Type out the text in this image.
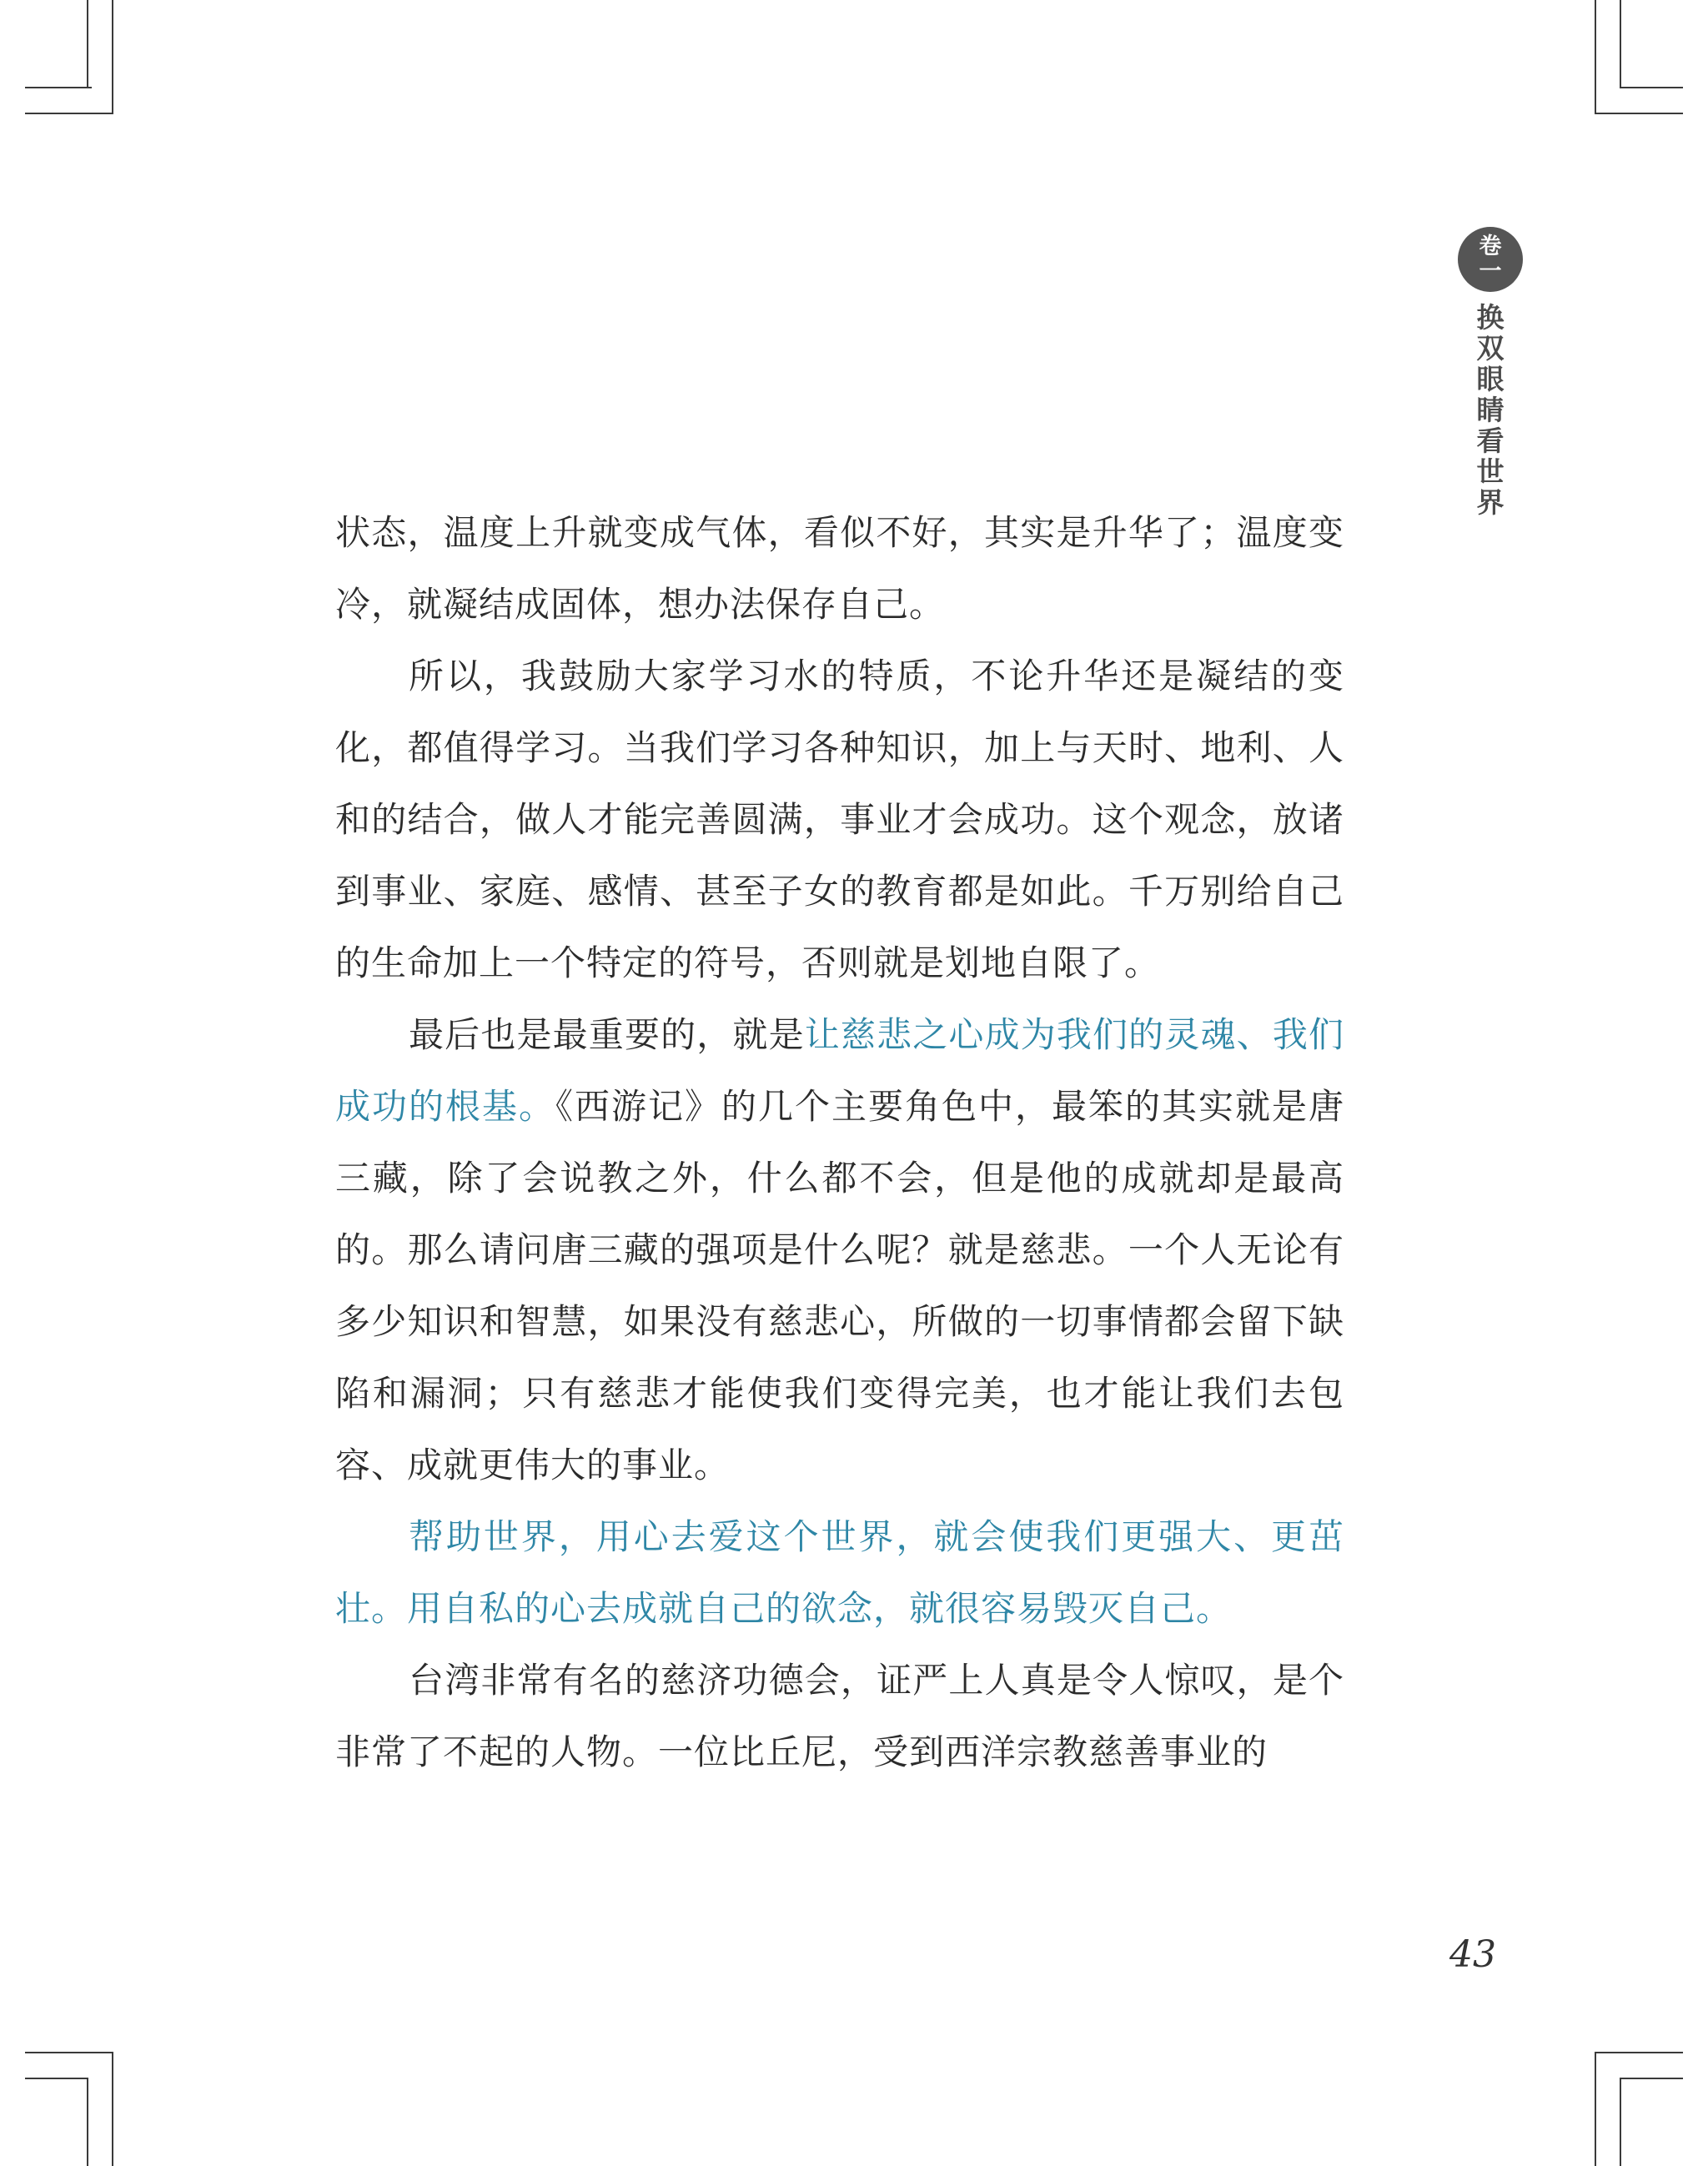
卷
一
换
双
眼
睛
看
世
界

状态，温度上升就变成气体，看似不好，其实是升华了；温度变冷，就凝结成固体，想办法保存自己。

所以，我鼓励大家学习水的特质，不论升华还是凝结的变化，都值得学习。当我们学习各种知识，加上与天时、地利、人和的结合，做人才能完善圆满，事业才会成功。这个观念，放诸到事业、家庭、感情、甚至子女的教育都是如此。千万别给自己的生命加上一个特定的符号，否则就是划地自限了。

最后也是最重要的，就是让慈悲之心成为我们的灵魂、我们成功的根基。《西游记》的几个主要角色中，最笨的其实就是唐三藏，除了会说教之外，什么都不会，但是他的成就却是最高的。那么请问唐三藏的强项是什么呢？就是慈悲。一个人无论有多少知识和智慧，如果没有慈悲心，所做的一切事情都会留下缺陷和漏洞；只有慈悲才能使我们变得完美，也才能让我们去包容、成就更伟大的事业。

帮助世界，用心去爱这个世界，就会使我们更强大、更茁壮。用自私的心去成就自己的欲念，就很容易毁灭自己。

台湾非常有名的慈济功德会，证严上人真是令人惊叹，是个非常了不起的人物。一位比丘尼，受到西洋宗教慈善事业的

43
